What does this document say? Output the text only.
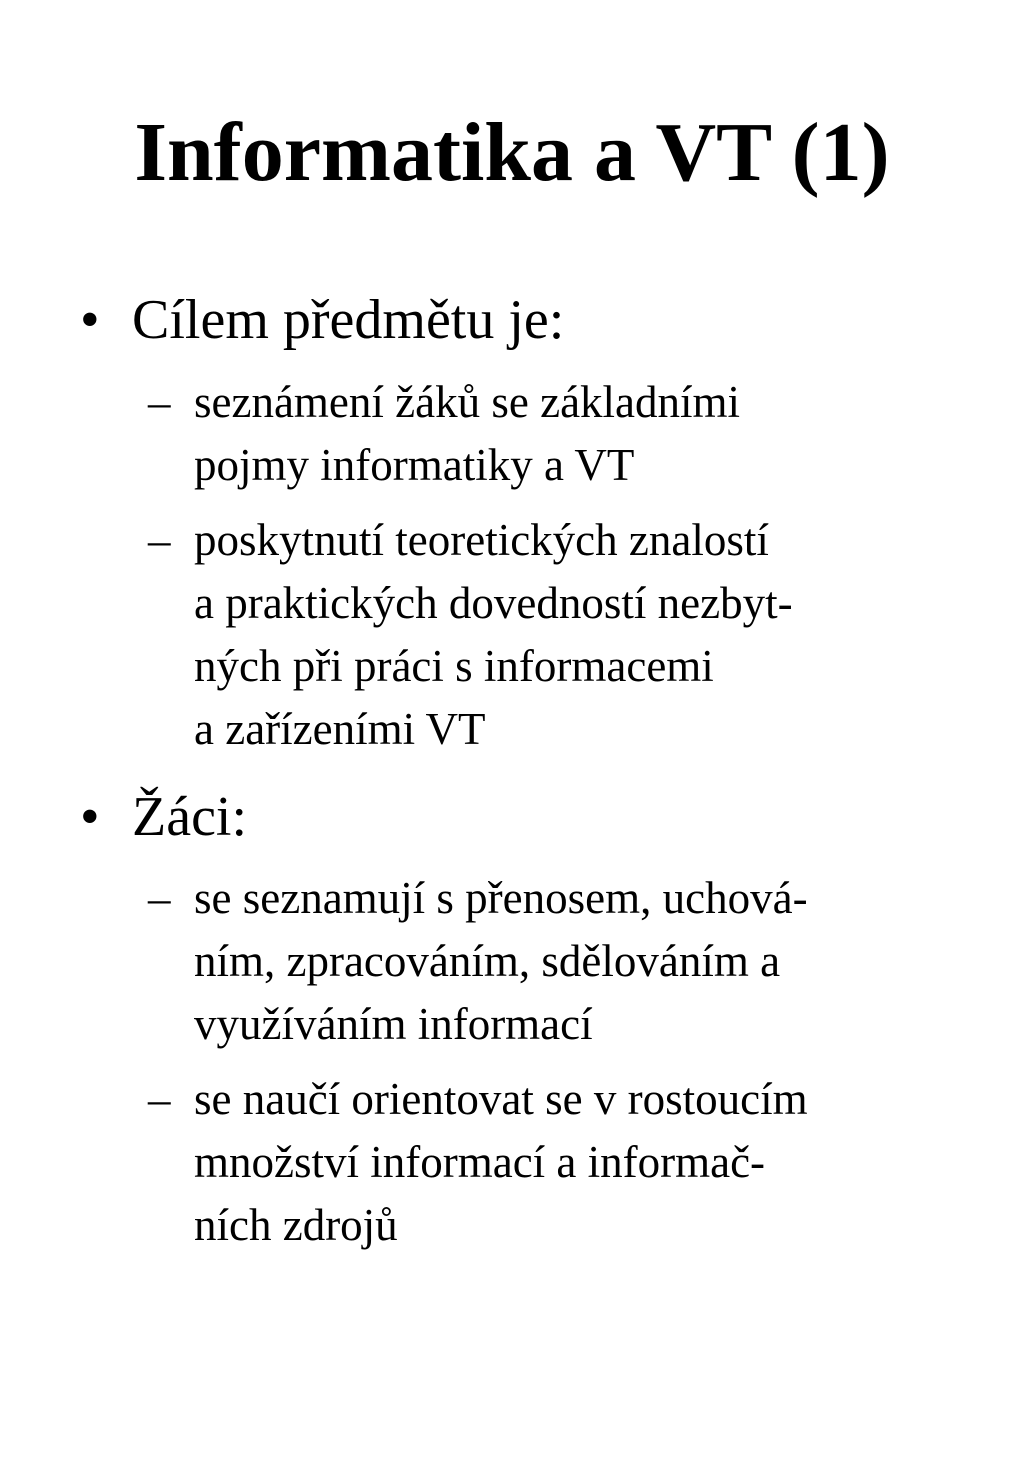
Informatika a VT (1)
• Cílem předmětu je:
– seznámení žáků se základními
pojmy informatiky a VT
– poskytnutí teoretických znalostí
a praktických dovedností nezbyt-
ných při práci s informacemi
a zařízeními VT
• Žáci:
– se seznamují s přenosem, uchová-
ním, zpracováním, sdělováním a
využíváním informací
– se naučí orientovat se v rostoucím
množství informací a informač-
ních zdrojů
